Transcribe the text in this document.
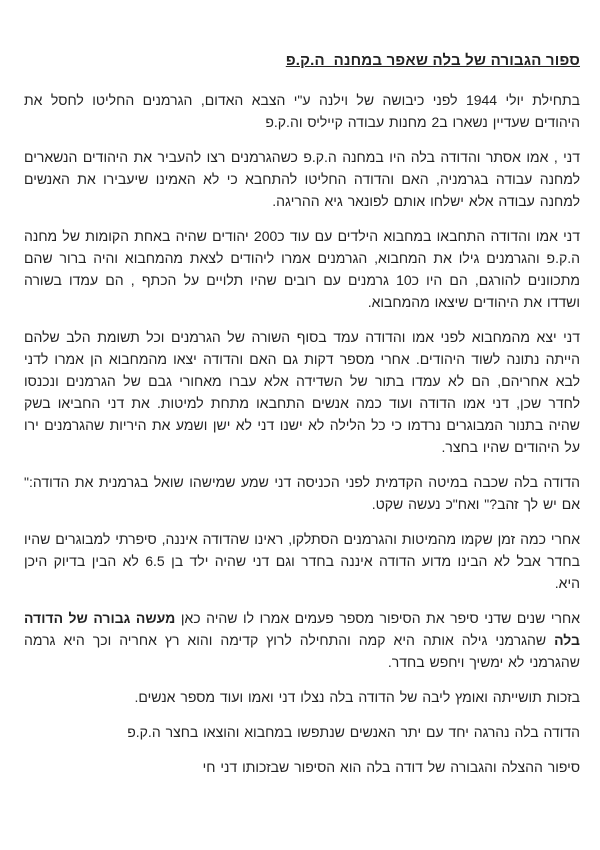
ספור הגבורה של בלה שאפר במחנה  ה.ק.פ

בתחילת יולי 1944 לפני כיבושה של וילנה ע"י הצבא האדום, הגרמנים החליטו לחסל את היהודים שעדיין נשארו ב2 מחנות עבודה קייליס וה.ק.פ

דני , אמו אסתר והדודה בלה היו במחנה ה.ק.פ כשהגרמנים רצו להעביר את היהודים הנשארים למחנה עבודה בגרמניה, האם והדודה החליטו להתחבא כי לא האמינו שיעבירו את האנשים למחנה עבודה אלא ישלחו אותם לפונאר גיא ההריגה.

דני אמו והדודה התחבאו במחבוא הילדים עם עוד כ200 יהודים שהיה באחת הקומות של מחנה ה.ק.פ והגרמנים גילו את המחבוא, הגרמנים אמרו ליהודים לצאת מהמחבוא והיה ברור שהם מתכוונים להורגם, הם היו כ10 גרמנים עם רובים שהיו תלויים על הכתף , הם עמדו בשורה ושדדו את היהודים שיצאו מהמחבוא.

דני יצא מהמחבוא לפני אמו והדודה עמד בסוף השורה של הגרמנים וכל תשומת הלב שלהם הייתה נתונה לשוד היהודים. אחרי מספר דקות גם האם והדודה יצאו מהמחבוא הן אמרו לדני לבא אחריהם, הם לא עמדו בתור של השדידה אלא עברו מאחורי גבם של הגרמנים ונכנסו לחדר שכן, דני אמו הדודה ועוד כמה אנשים התחבאו מתחת למיטות. את דני החביאו בשק שהיה בתנור המבוגרים נרדמו כי כל הלילה לא ישנו דני לא ישן ושמע את היריות שהגרמנים ירו על היהודים שהיו בחצר.

הדודה בלה שכבה במיטה הקדמית לפני הכניסה דני שמע שמישהו שואל בגרמנית את הדודה:" אם יש לך זהב?" ואח"כ נעשה שקט.

אחרי כמה זמן שקמו מהמיטות והגרמנים הסתלקו, ראינו שהדודה איננה, סיפרתי למבוגרים שהיו בחדר אבל לא הבינו מדוע הדודה איננה בחדר וגם דני שהיה ילד בן 6.5 לא הבין בדיוק היכן היא.

אחרי שנים שדני סיפר את הסיפור מספר פעמים אמרו לו שהיה כאן מעשה גבורה של הדודה בלה שהגרמני גילה אותה היא קמה והתחילה לרוץ קדימה והוא רץ אחריה וכך היא גרמה שהגרמני לא ימשיך ויחפש בחדר.

בזכות תושייתה ואומץ ליבה של הדודה בלה נצלו דני ואמו ועוד מספר אנשים.

הדודה בלה נהרגה יחד עם יתר האנשים שנתפשו במחבוא והוצאו בחצר ה.ק.פ

סיפור ההצלה והגבורה של דודה בלה הוא הסיפור שבזכותו דני חי
